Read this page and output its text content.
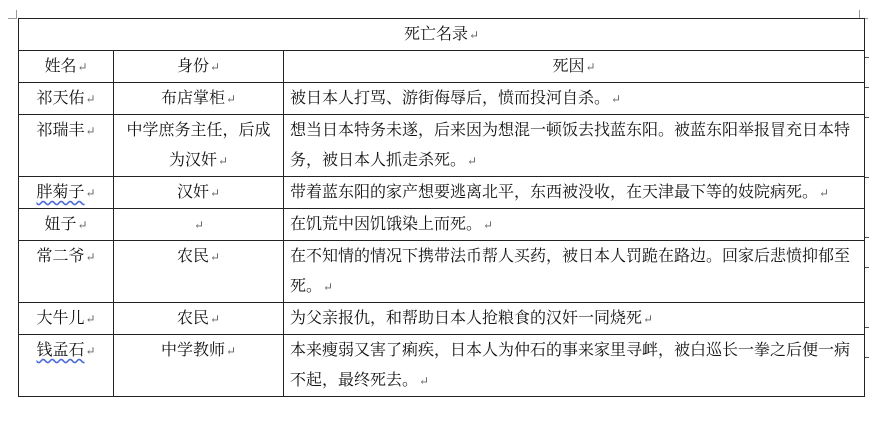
死亡名录↵		
姓名↵	身份↵	死因↵
祁天佑↵	布店掌柜↵	被日本人打骂、游街侮辱后，愤而投河自杀。↵
祁瑞丰↵	中学庶务主任，后成为汉奸↵	想当日本特务未遂，后来因为想混一顿饭去找蓝东阳。被蓝东阳举报冒充日本特务，被日本人抓走杀死。↵
胖菊子↵	汉奸↵	带着蓝东阳的家产想要逃离北平，东西被没收，在天津最下等的妓院病死。↵
妞子↵	↵	在饥荒中因饥饿染上而死。↵
常二爷↵	农民↵	在不知情的情况下携带法币帮人买药，被日本人罚跪在路边。回家后悲愤抑郁至死。↵
大牛儿↵	农民↵	为父亲报仇，和帮助日本人抢粮食的汉奸一同烧死↵
钱孟石↵	中学教师↵	本来瘦弱又害了痢疾，日本人为仲石的事来家里寻衅，被白巡长一拳之后便一病不起，最终死去。↵
